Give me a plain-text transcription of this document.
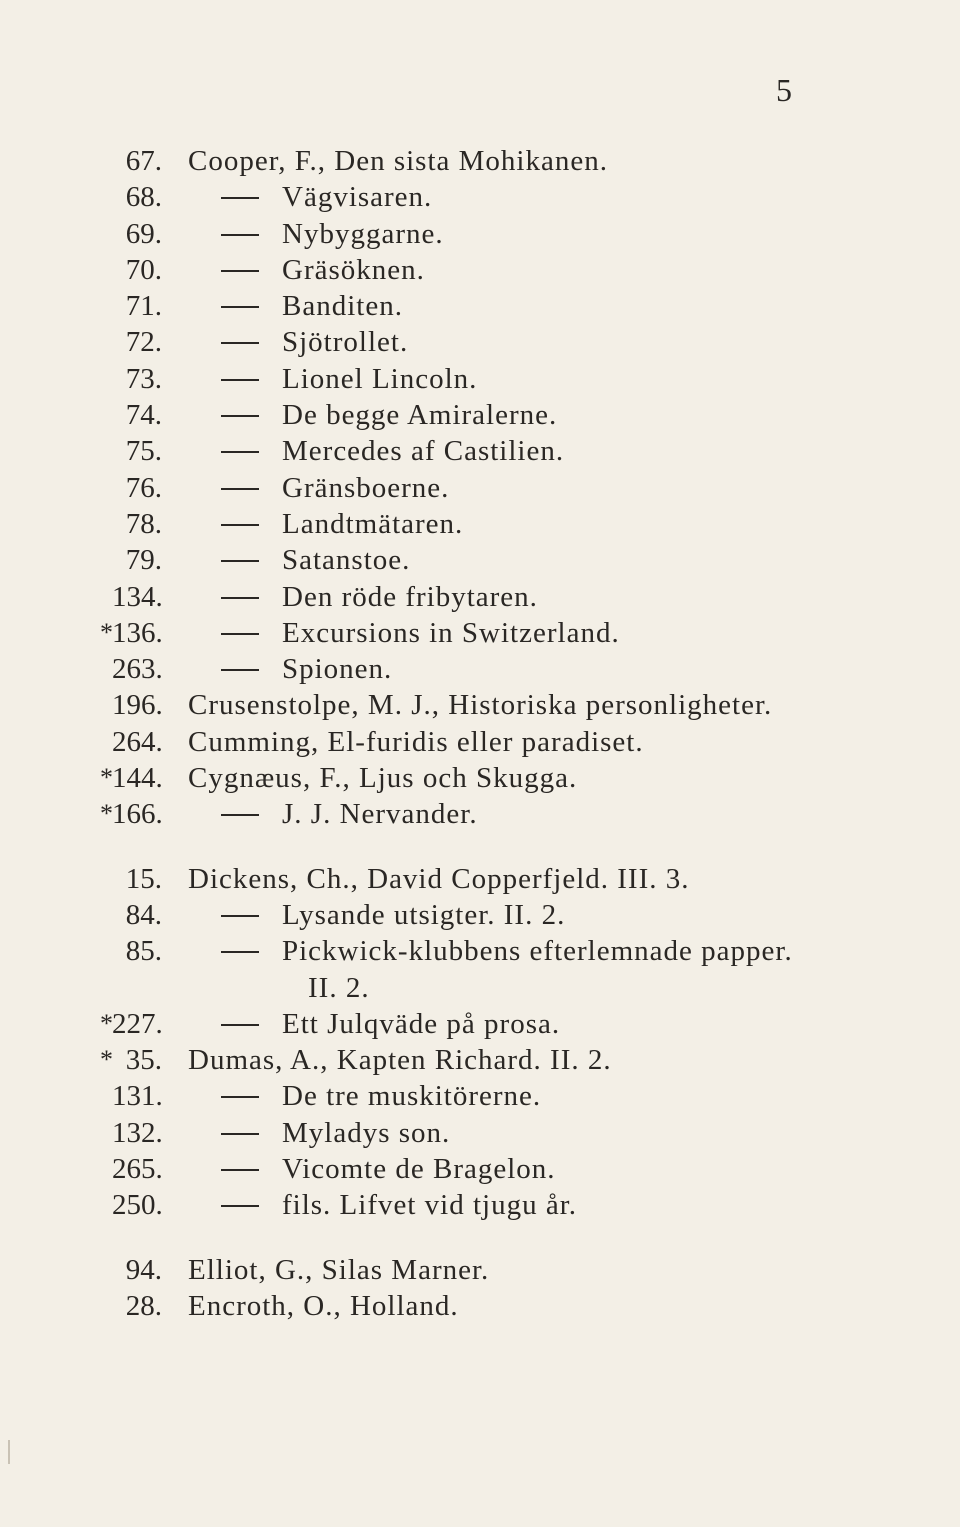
5
67. Cooper, F., Den sista Mohikanen.
68.	Vägvisaren.
69.	Nybyggarne.
70.	Gräsöknen.
71.	Banditen.
72.	Sjötrollet.
73.	Lionel Lincoln.
74.	De begge Amiralerne.
75.	Mercedes af Castilien.
76.	Gränsboerne.
78.	Landtmätaren.
79.	Satanstoe.
134.	Den röde fribytaren.
* 136.	Excursions in Switzerland.
263.	Spionen.
196. Crusenstolpe, M. J., Historiska personligheter.
264. Cumming, El-furidis eller paradiset.
* 144. Cygnæus, F., Ljus och Skugga.
* 166.	J. J. Nervander.
15. Dickens, Ch., David Copperfjeld. III. 3.
84.	Lysande utsigter. II. 2.
85.	Pickwick-klubbens efterlemnade papper.
II. 2.
* 227.	Ett Julqväde på prosa.
* 35. Dumas, A., Kapten Richard. II. 2.
131.	De tre muskitörerne.
132.	Myladys son.
265.	Vicomte de Bragelon.
250.	fils. Lifvet vid tjugu år.
94. Elliot, G., Silas Marner.
28. Encroth, O., Holland.
